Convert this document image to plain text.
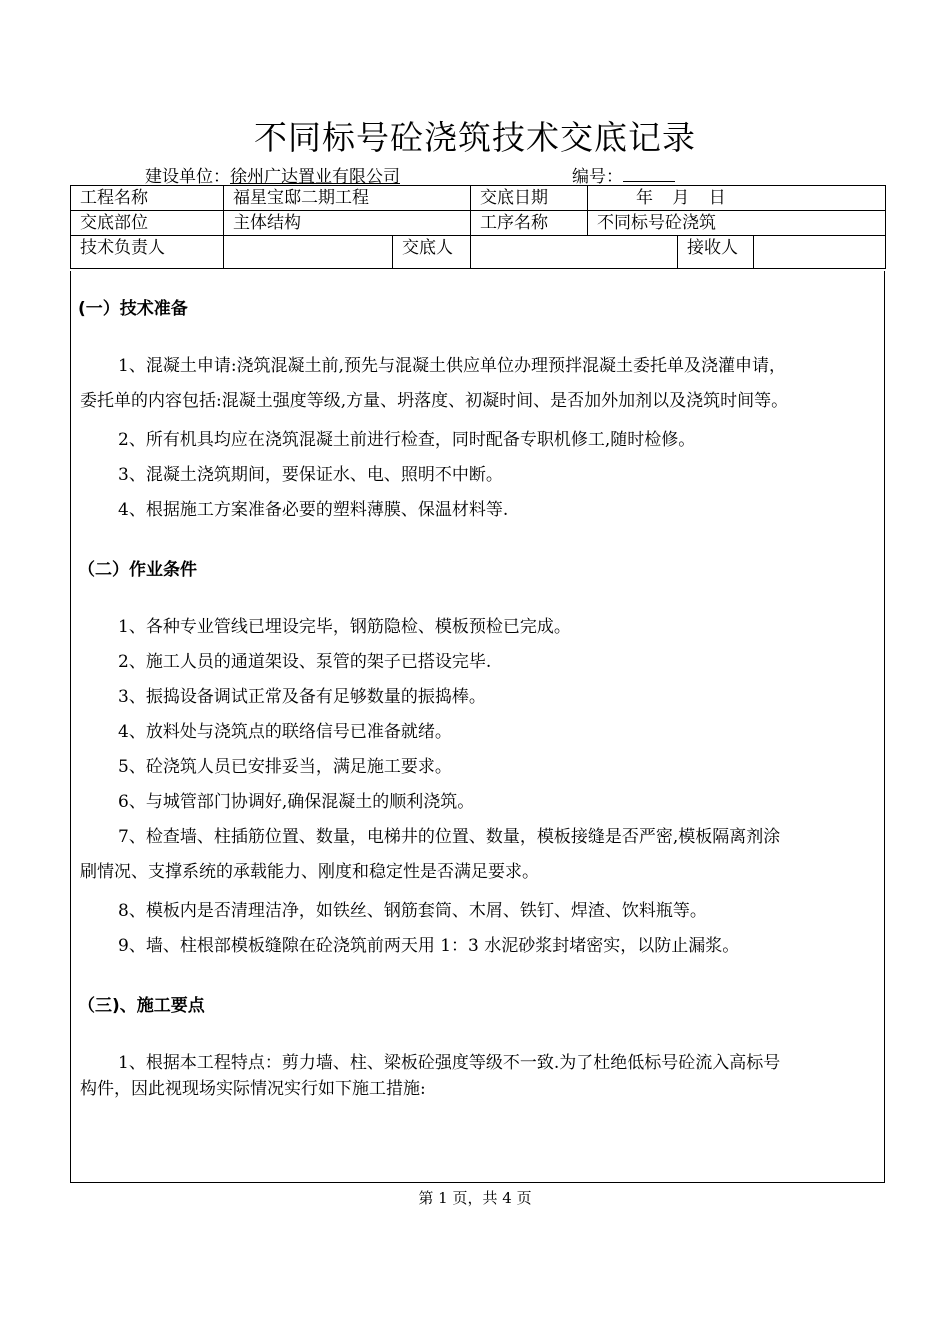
不同标号砼浇筑技术交底记录
建设单位：徐州广达置业有限公司	编号：
工程名称	福星宝邸二期工程		交底日期	年 月 日		
交底部位	主体结构		工序名称	不同标号砼浇筑		
技术负责人		交底人			接收人	
(一）技术准备
1、混凝土申请:浇筑混凝土前,预先与混凝土供应单位办理预拌混凝土委托单及浇灌申请，
委托单的内容包括:混凝土强度等级,方量、坍落度、初凝时间、是否加外加剂以及浇筑时间等。
2、所有机具均应在浇筑混凝土前进行检查，同时配备专职机修工,随时检修。
3、混凝土浇筑期间，要保证水、电、照明不中断。
4、根据施工方案准备必要的塑料薄膜、保温材料等.
（二）作业条件
1、各种专业管线已埋设完毕，钢筋隐检、模板预检已完成。
2、施工人员的通道架设、泵管的架子已搭设完毕.
3、振捣设备调试正常及备有足够数量的振捣棒。
4、放料处与浇筑点的联络信号已准备就绪。
5、砼浇筑人员已安排妥当，满足施工要求。
6、与城管部门协调好,确保混凝土的顺利浇筑。
7、检查墙、柱插筋位置、数量，电梯井的位置、数量，模板接缝是否严密,模板隔离剂涂
刷情况、支撑系统的承载能力、刚度和稳定性是否满足要求。
8、模板内是否清理洁净，如铁丝、钢筋套筒、木屑、铁钉、焊渣、饮料瓶等。
9、墙、柱根部模板缝隙在砼浇筑前两天用 1：3 水泥砂浆封堵密实，以防止漏浆。
（三)、施工要点
1、根据本工程特点：剪力墙、柱、梁板砼强度等级不一致.为了杜绝低标号砼流入高标号
构件，因此视现场实际情况实行如下施工措施:
第 1 页，共 4 页
